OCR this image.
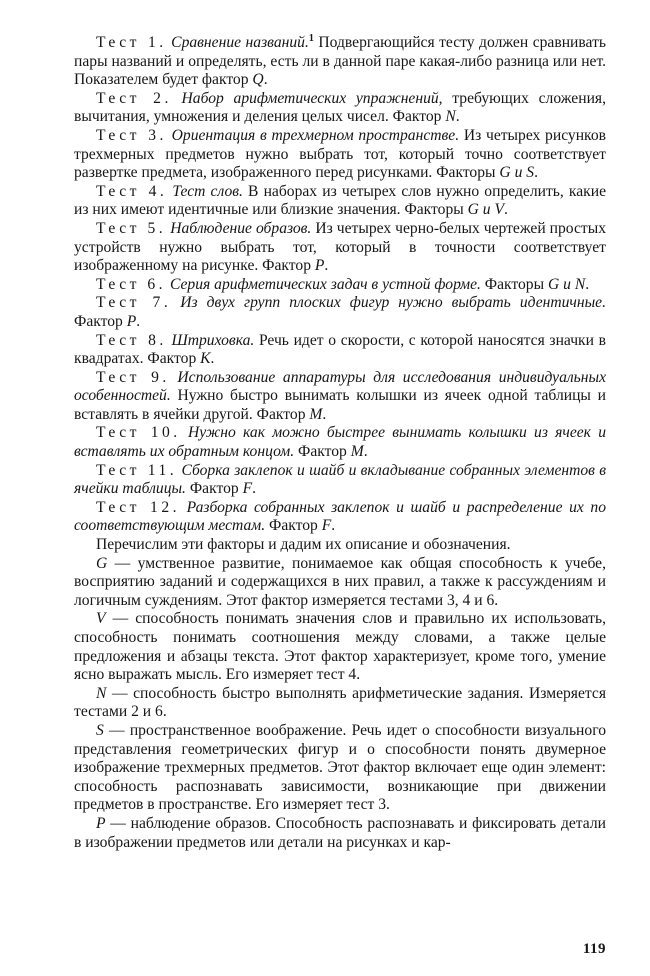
Тест 1. Сравнение названий.$^1$ Подвергающийся тесту должен сравнивать пары названий и определять, есть ли в данной паре какая-либо разница или нет. Показателем будет фактор Q.

Тест 2. Набор арифметических упражнений, требующих сложения, вычитания, умножения и деления целых чисел. Фактор N.

Тест 3. Ориентация в трехмерном пространстве. Из четырех рисунков трехмерных предметов нужно выбрать тот, который точно соответствует развертке предмета, изображенного перед рисунками. Факторы G и S.

Тест 4. Тест слов. В наборах из четырех слов нужно определить, какие из них имеют идентичные или близкие значения. Факторы G и V.

Тест 5. Наблюдение образов. Из четырех черно-белых чертежей простых устройств нужно выбрать тот, который в точности соответствует изображенному на рисунке. Фактор P.

Тест 6. Серия арифметических задач в устной форме. Факторы G и N.

Тест 7. Из двух групп плоских фигур нужно выбрать идентичные. Фактор P.

Тест 8. Штриховка. Речь идет о скорости, с которой наносятся значки в квадратах. Фактор K.

Тест 9. Использование аппаратуры для исследования индивидуальных особенностей. Нужно быстро вынимать колышки из ячеек одной таблицы и вставлять в ячейки другой. Фактор M.

Тест 10. Нужно как можно быстрее вынимать колышки из ячеек и вставлять их обратным концом. Фактор M.

Тест 11. Сборка заклепок и шайб и вкладывание собранных элементов в ячейки таблицы. Фактор F.

Тест 12. Разборка собранных заклепок и шайб и распределение их по соответствующим местам. Фактор F.

Перечислим эти факторы и дадим их описание и обозначения.

G — умственное развитие, понимаемое как общая способность к учебе, восприятию заданий и содержащихся в них правил, а также к рассуждениям и логичным суждениям. Этот фактор измеряется тестами 3, 4 и 6.

V — способность понимать значения слов и правильно их использовать, способность понимать соотношения между словами, а также целые предложения и абзацы текста. Этот фактор характеризует, кроме того, умение ясно выражать мысль. Его измеряет тест 4.

N — способность быстро выполнять арифметические задания. Измеряется тестами 2 и 6.

S — пространственное воображение. Речь идет о способности визуального представления геометрических фигур и о способности понять двумерное изображение трехмерных предметов. Этот фактор включает еще один элемент: способность распознавать зависимости, возникающие при движении предметов в пространстве. Его измеряет тест 3.

P — наблюдение образов. Способность распознавать и фиксировать детали в изображении предметов или детали на рисунках и кар-

119
